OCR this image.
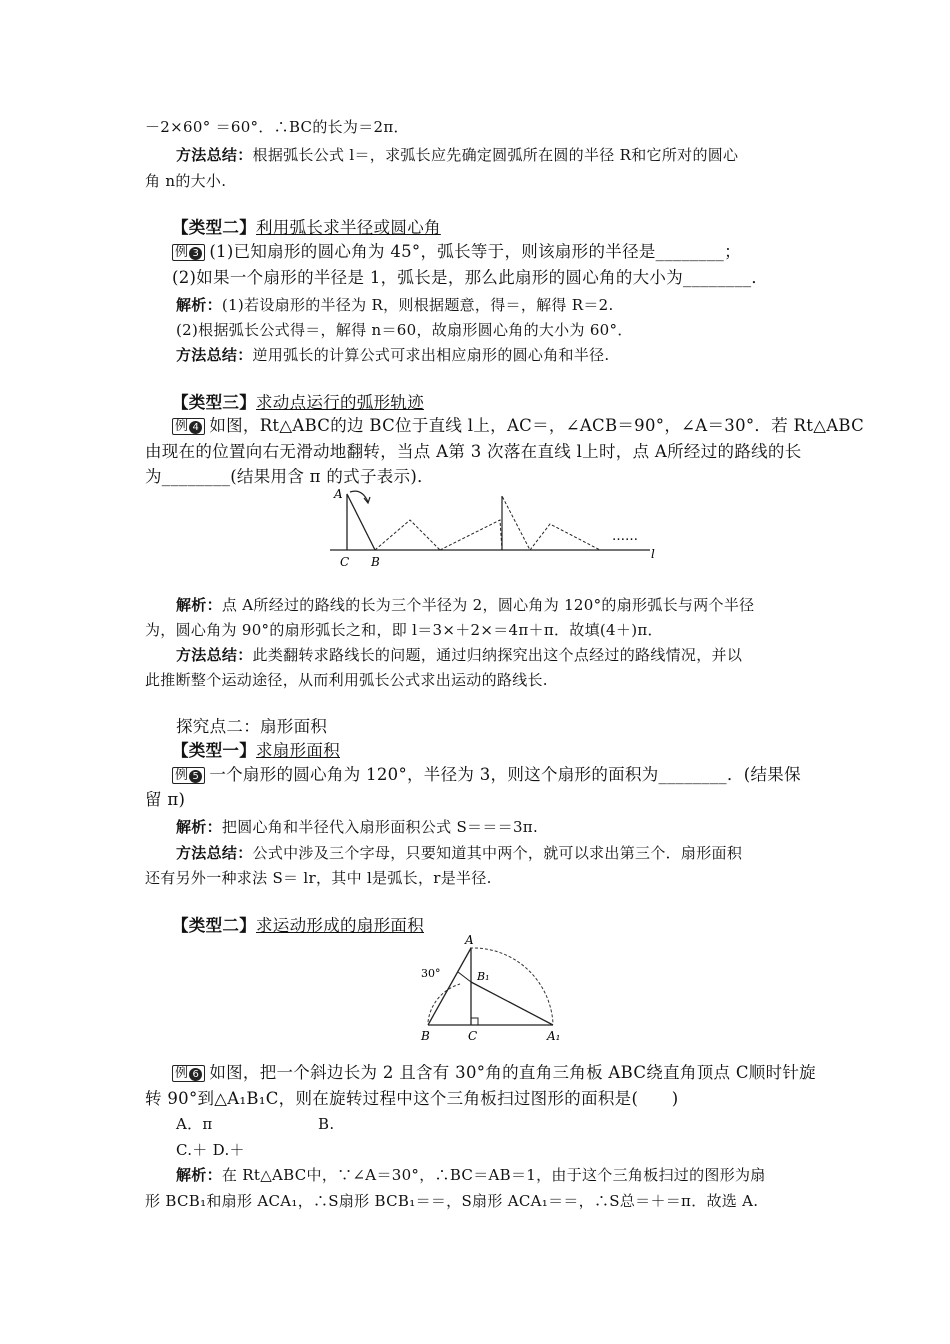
－2×60° ＝60°．∴BC的长为＝2π．
方法总结：根据弧长公式 l＝，求弧长应先确定圆弧所在圆的半径 R和它所对的圆心
角 n的大小.
【类型二】利用弧长求半径或圆心角
例 3 (1)已知扇形的圆心角为 45°，弧长等于，则该扇形的半径是________；
(2)如果一个扇形的半径是 1，弧长是，那么此扇形的圆心角的大小为________．
解析：(1)若设扇形的半径为 R，则根据题意，得＝，解得 R＝2.
(2)根据弧长公式得＝，解得 n＝60，故扇形圆心角的大小为 60°．
方法总结：逆用弧长的计算公式可求出相应扇形的圆心角和半径.
【类型三】求动点运行的弧形轨迹
例 4 如图，Rt△ABC的边 BC位于直线 l上，AC＝，∠ACB＝90°，∠A＝30°．若 Rt△ABC
由现在的位置向右无滑动地翻转，当点 A第 3 次落在直线 l上时，点 A所经过的路线的长
为________(结果用含 π 的式子表示)．
A
C B
l
……
解析：点 A所经过的路线的长为三个半径为 2，圆心角为 120°的扇形弧长与两个半径
为，圆心角为 90°的扇形弧长之和，即 l＝3×＋2×＝4π＋π．故填(4＋)π．
方法总结：此类翻转求路线长的问题，通过归纳探究出这个点经过的路线情况，并以
此推断整个运动途径，从而利用弧长公式求出运动的路线长.
探究点二：扇形面积
【类型一】求扇形面积
例 5 一个扇形的圆心角为 120°，半径为 3，则这个扇形的面积为________．(结果保
留 π)
解析：把圆心角和半径代入扇形面积公式 S＝＝＝3π.
方法总结：公式中涉及三个字母，只要知道其中两个，就可以求出第三个．扇形面积
还有另外一种求法 S＝ lr，其中 l是弧长，r是半径.
【类型二】求运动形成的扇形面积
A
B₁
30°
B	C	A₁
例 6 如图，把一个斜边长为 2 且含有 30°角的直角三角板 ABC绕直角顶点 C顺时针旋
转 90°到△A₁B₁C，则在旋转过程中这个三角板扫过图形的面积是(　　)
A．π	B.
C.＋ D.＋
解析：在 Rt△ABC中，∵∠A＝30°，∴BC＝AB＝1，由于这个三角板扫过的图形为扇
形 BCB₁和扇形 ACA₁，∴S扇形 BCB₁＝＝，S扇形 ACA₁＝＝，∴S总＝＋＝π．故选 A.
